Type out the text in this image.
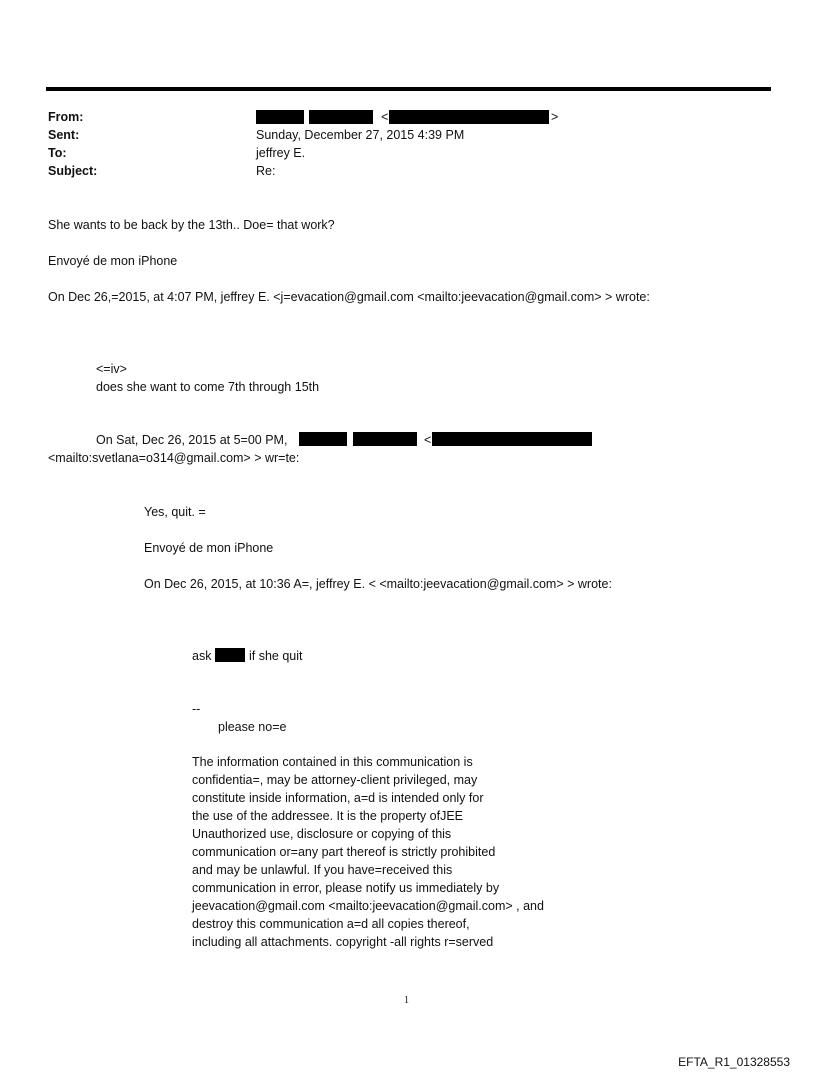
From:	<	>
Sent:	Sunday, December 27, 2015 4:39 PM
To:	jeffrey E.
Subject:	Re:
She wants to be back by the 13th.. Doe= that work?
Envoyé de mon iPhone
On Dec 26,=2015, at 4:07 PM, jeffrey E. <j=evacation@gmail.com <mailto:jeevacation@gmail.com> > wrote:
<=iv>
does she want to come 7th through 15th
On Sat, Dec 26, 2015 at 5=00 PM,	<
<mailto:svetlana=o314@gmail.com> > wr=te:
Yes, quit. =
Envoyé de mon iPhone
On Dec 26, 2015, at 10:36 A=, jeffrey E. < <mailto:jeevacation@gmail.com> > wrote:
ask	if she quit
--
please no=e
The information contained in this communication is
confidentia=, may be attorney-client privileged, may
constitute inside information, a=d is intended only for
the use of the addressee. It is the property ofJEE
Unauthorized use, disclosure or copying of this
communication or=any part thereof is strictly prohibited
and may be unlawful. If you have=received this
communication in error, please notify us immediately by
jeevacation@gmail.com <mailto:jeevacation@gmail.com> , and
destroy this communication a=d all copies thereof,
including all attachments. copyright -all rights r=served
1
EFTA_R1_01328553
